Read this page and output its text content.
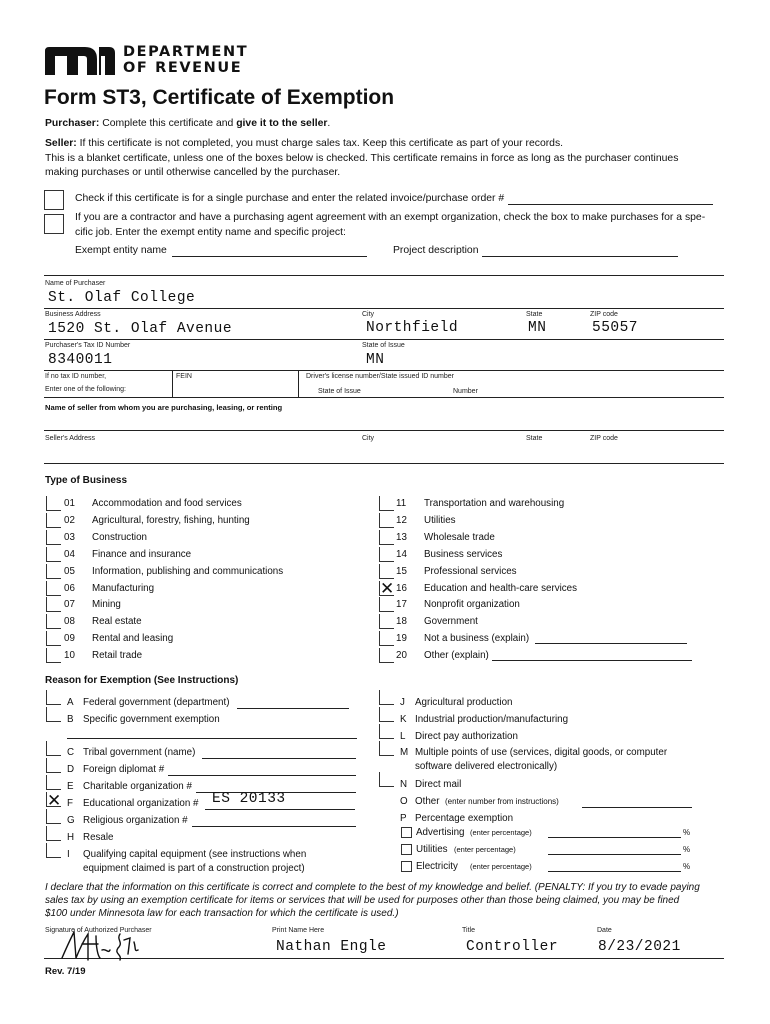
DEPARTMENT
OF REVENUE
Form ST3, Certificate of Exemption
Purchaser: Complete this certificate and give it to the seller.
Seller: If this certificate is not completed, you must charge sales tax. Keep this certificate as part of your records.
This is a blanket certificate, unless one of the boxes below is checked. This certificate remains in force as long as the purchaser continues
making purchases or until otherwise cancelled by the purchaser.
Check if this certificate is for a single purchase and enter the related invoice/purchase order #
If you are a contractor and have a purchasing agent agreement with an exempt organization, check the box to make purchases for a spe-
cific job. Enter the exempt entity name and specific project:
Exempt entity name	Project description
Name of Purchaser
St. Olaf College
Business Address	City	State	ZIP code
1520 St. Olaf Avenue	Northfield	MN	55057
Purchaser's Tax ID Number	State of Issue
8340011	MN
If no tax ID number,
Enter one of the following:
FEIN	Driver's license number/State issued ID number
State of Issue	Number
Name of seller from whom you are purchasing, leasing, or renting
Seller's Address	City	State	ZIP code
Type of Business
01 Accommodation and food services
02 Agricultural, forestry, fishing, hunting
03 Construction
04 Finance and insurance
05 Information, publishing and communications
06 Manufacturing
07 Mining
08 Real estate
09 Rental and leasing
10 Retail trade
11 Transportation and warehousing
12 Utilities
13 Wholesale trade
14 Business services
15 Professional services
✕ 16 Education and health-care services
17 Nonprofit organization
18 Government
19 Not a business (explain)
20 Other (explain)
Reason for Exemption (See Instructions)
A Federal government (department)
B Specific government exemption
C Tribal government (name)
D Foreign diplomat #
E Charitable organization #
F Educational organization #
✕	ES 20133
G Religious organization #
H Resale
I Qualifying capital equipment (see instructions when
equipment claimed is part of a construction project)
J Agricultural production
K Industrial production/manufacturing
L Direct pay authorization
M Multiple points of use (services, digital goods, or computer
software delivered electronically)
N Direct mail
O Other (enter number from instructions)
P Percentage exemption
Advertising (enter percentage)	%
Utilities (enter percentage)	%
Electricity (enter percentage)	%
I declare that the information on this certificate is correct and complete to the best of my knowledge and belief. (PENALTY: If you try to evade paying
sales tax by using an exemption certificate for items or services that will be used for purposes other than those being claimed, you may be fined
$100 under Minnesota law for each transaction for which the certificate is used.)
Signature of Authorized Purchaser	Print Name Here	Title	Date
Nathan Engle	Controller	8/23/2021
Rev. 7/19
